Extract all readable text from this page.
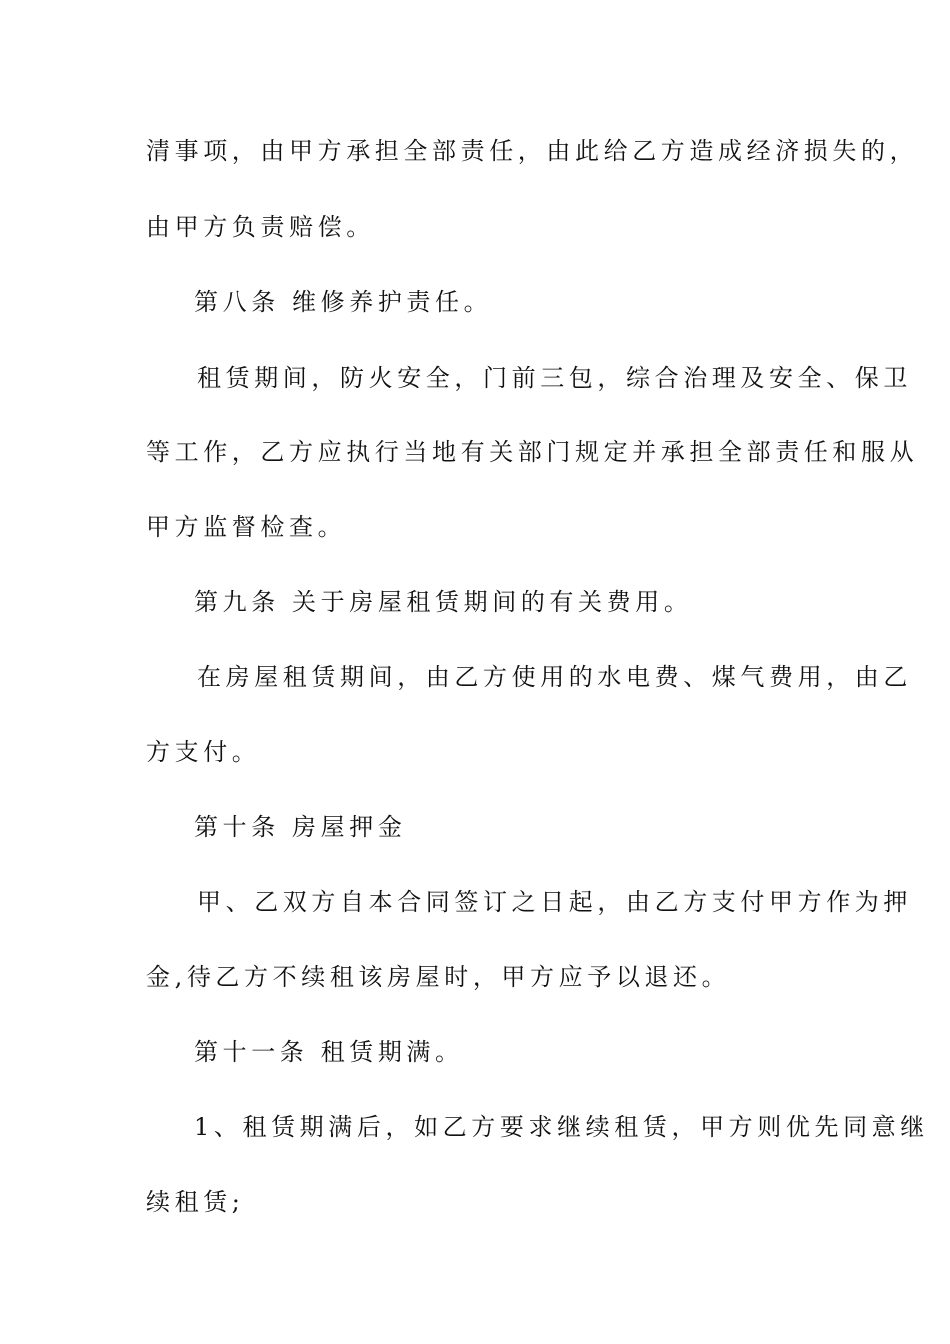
清事项，由甲方承担全部责任，由此给乙方造成经济损失的，
由甲方负责赔偿。
第八条 维修养护责任。
租赁期间，防火安全，门前三包，综合治理及安全、保卫
等工作，乙方应执行当地有关部门规定并承担全部责任和服从
甲方监督检查。
第九条 关于房屋租赁期间的有关费用。
在房屋租赁期间，由乙方使用的水电费、煤气费用，由乙
方支付。
第十条 房屋押金
甲、乙双方自本合同签订之日起，由乙方支付甲方作为押
金,待乙方不续租该房屋时，甲方应予以退还。
第十一条 租赁期满。
1、租赁期满后，如乙方要求继续租赁，甲方则优先同意继
续租赁;
